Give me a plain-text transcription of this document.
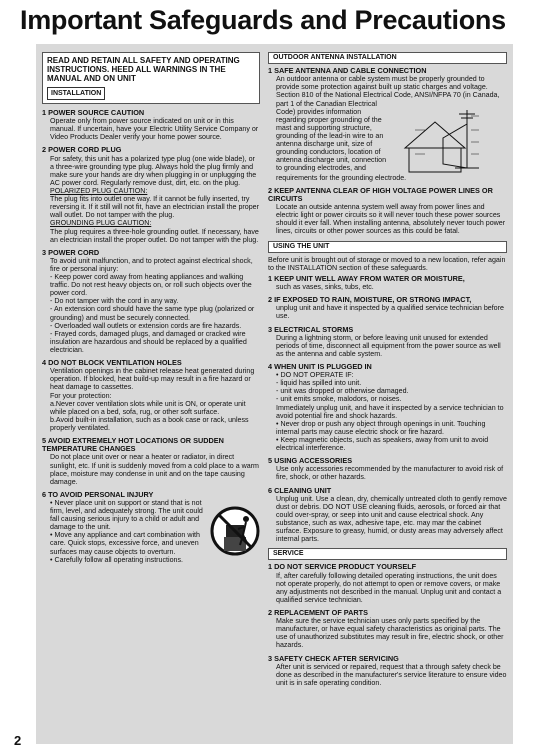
Important Safeguards and Precautions
READ AND RETAIN ALL SAFETY AND OPERATING INSTRUCTIONS. HEED ALL WARNINGS IN THE MANUAL AND ON UNIT
INSTALLATION
1 POWER SOURCE CAUTION

Operate only from power source indicated on unit or in this manual. If uncertain, have your Electric Utility Service Company or Video Products Dealer verify your home power source.

2 POWER CORD PLUG

For safety, this unit has a polarized type plug (one wide blade), or a three-wire grounding type plug. Always hold the plug firmly and make sure your hands are dry when plugging in or unplugging the AC power cord. Regularly remove dust, dirt, etc. on the plug.

POLARIZED PLUG CAUTION:

The plug fits into outlet one way. If it cannot be fully inserted, try reversing it. If it still will not fit, have an electrician install the proper wall outlet. Do not tamper with the plug.

GROUNDING PLUG CAUTION:

The plug requires a three-hole grounding outlet. If necessary, have an electrician install the proper outlet. Do not tamper with the plug.

3 POWER CORD

To avoid unit malfunction, and to protect against electrical shock, fire or personal injury:

- Keep power cord away from heating appliances and walking traffic. Do not rest heavy objects on, or roll such objects over the power cord.

- Do not tamper with the cord in any way.

- An extension cord should have the same type plug (polarized or grounding) and must be securely connected.

- Overloaded wall outlets or extension cords are fire hazards.

- Frayed cords, damaged plugs, and damaged or cracked wire insulation are hazardous and should be replaced by a qualified electrician.

4 DO NOT BLOCK VENTILATION HOLES

Ventilation openings in the cabinet release heat generated during operation. If blocked, heat build-up may result in a fire hazard or heat damage to cassettes.

For your protection:

a.Never cover ventilation slots while unit is ON, or operate unit while placed on a bed, sofa, rug, or other soft surface.

b.Avoid built-in installation, such as a book case or rack, unless properly ventilated.

5 AVOID EXTREMELY HOT LOCATIONS OR SUDDEN TEMPERATURE CHANGES

Do not place unit over or near a heater or radiator, in direct sunlight, etc. If unit is suddenly moved from a cold place to a warm place, moisture may condense in unit and on the tape causing damage.

6 TO AVOID PERSONAL INJURY

• Never place unit on support or stand that is not firm, level, and adequately strong. The unit could fall causing serious injury to a child or adult and damage to the unit.

• Move any appliance and cart combination with care. Quick stops, excessive force, and uneven surfaces may cause objects to overturn.

• Carefully follow all operating instructions.

OUTDOOR ANTENNA INSTALLATION
1 SAFE ANTENNA AND CABLE CONNECTION

An outdoor antenna or cable system must be properly grounded to provide some protection against built up static charges and voltage. Section 810 of the National Electrical Code, ANSI/NFPA 70 (in Canada, part 1 of the Canadian Electrical

Code) provides information regarding proper grounding of the mast and supporting structure, grounding of the lead-in wire to an antenna discharge unit, size of grounding conductors, location of antenna discharge unit, connection to grounding electrodes, and

requirements for the grounding electrode.

2 KEEP ANTENNA CLEAR OF HIGH VOLTAGE POWER LINES OR CIRCUITS

Locate an outside antenna system well away from power lines and electric light or power circuits so it will never touch these power sources should it ever fall. When installing antenna, absolutely never touch power lines, circuits or other power sources as this could be fatal.

USING THE UNIT

Before unit is brought out of storage or moved to a new location, refer again to the INSTALLATION section of these safeguards.

1 KEEP UNIT WELL AWAY FROM WATER OR MOISTURE,

such as vases, sinks, tubs, etc.

2 IF EXPOSED TO RAIN, MOISTURE, OR STRONG IMPACT,

unplug unit and have it inspected by a qualified service technician before use.

3 ELECTRICAL STORMS

During a lightning storm, or before leaving unit unused for extended periods of time, disconnect all equipment from the power source as well as the antenna and cable system.

4 WHEN UNIT IS PLUGGED IN

• DO NOT OPERATE IF:

- liquid has spilled into unit.

- unit was dropped or otherwise damaged.

- unit emits smoke, malodors, or noises.

Immediately unplug unit, and have it inspected by a service technician to avoid potential fire and shock hazards.

• Never drop or push any object through openings in unit. Touching internal parts may cause electric shock or fire hazard.

• Keep magnetic objects, such as speakers, away from unit to avoid electrical interference.

5 USING ACCESSORIES

Use only accessories recommended by the manufacturer to avoid risk of fire, shock, or other hazards.

6 CLEANING UNIT

Unplug unit. Use a clean, dry, chemically untreated cloth to gently remove dust or debris. DO NOT USE cleaning fluids, aerosols, or forced air that could over-spray, or seep into unit and cause electrical shock. Any substance, such as wax, adhesive tape, etc. may mar the cabinet surface. Exposure to greasy, humid, or dusty areas may adversely affect internal parts.

SERVICE
1 DO NOT SERVICE PRODUCT YOURSELF

If, after carefully following detailed operating instructions, the unit does not operate properly, do not attempt to open or remove covers, or make any adjustments not described in the manual. Unplug unit and contact a qualified service technician.

2 REPLACEMENT OF PARTS

Make sure the service technician uses only parts specified by the manufacturer, or have equal safety characteristics as original parts. The use of unauthorized substitutes may result in fire, electric shock, or other hazards.

3 SAFETY CHECK AFTER SERVICING

After unit is serviced or repaired, request that a through safety check be done as described in the manufacturer's service literature to ensure video unit is in safe operating condition.

2
